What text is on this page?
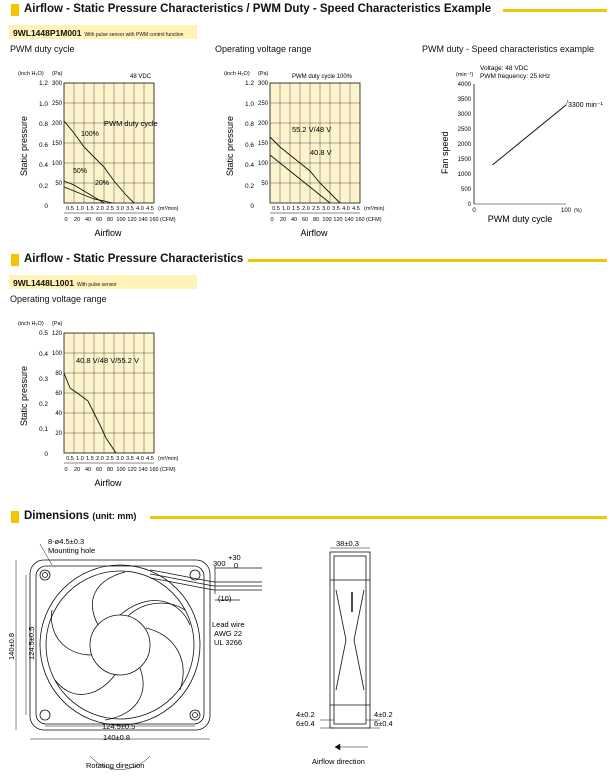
Airflow - Static Pressure Characteristics / PWM Duty - Speed Characteristics Example
9WL1448P1M001 With pulse sensor with PWM control function
PWM duty cycle	Operating voltage range	PWM duty - Speed characteristics example
(inch H₂O) (Pa)	48 VDC
1.2
1.0
0.8
0.6
0.4
0.2
0
Static pressure
300
250
200
150
100
50
PWM duty cycle
100%
50%
20%
0.5 1.0 1.5 2.0 2.5 3.0 3.5 4.0 4.5 (m³/min)
0 20 40 60 80 100 120 140 160 (CFM)
Airflow
(inch H₂O) (Pa)	PWM duty cycle 100%
1.2
1.0
0.8
0.6
0.4
0.2
0
Static pressure
300
250
200
150
100
50
55.2 V/48 V
40.8 V
0.5 1.0 1.5 2.0 2.5 3.0 3.5 4.0 4.5 (m³/min)
0 20 40 60 80 100 120 140 160 (CFM)
Airflow
(min⁻¹)
Voltage: 48 VDC
PWM frequency: 25 kHz
4000
3500
3000
2500
2000
1500
1000
500
0
Fan speed
0	100 (%)
PWM duty cycle
3300 min⁻¹
Airflow - Static Pressure Characteristics
9WL1448L1001 With pulse sensor
Operating voltage range
(inch H₂O) (Pa)
0.5
0.4
0.3
0.2
0.1
0
Static pressure
120
100
80
60
40
20
40.8 V/48 V/55.2 V
0.5 1.0 1.5 2.0 2.5 3.0 3.5 4.0 4.5 (m³/min)
0 20 40 60 80 100 120 140 160 (CFM)
Airflow
Dimensions (unit: mm)
8-ø4.5±0.3
Mounting hole
+30
300 0
(10)
Lead wire
AWG 22
UL 3266
140±0.8 124.5±0.5
124.5±0.5
140±0.8
Rotating direction
38±0.3
4±0.2
6±0.4
4±0.2
6±0.4
Airflow direction
